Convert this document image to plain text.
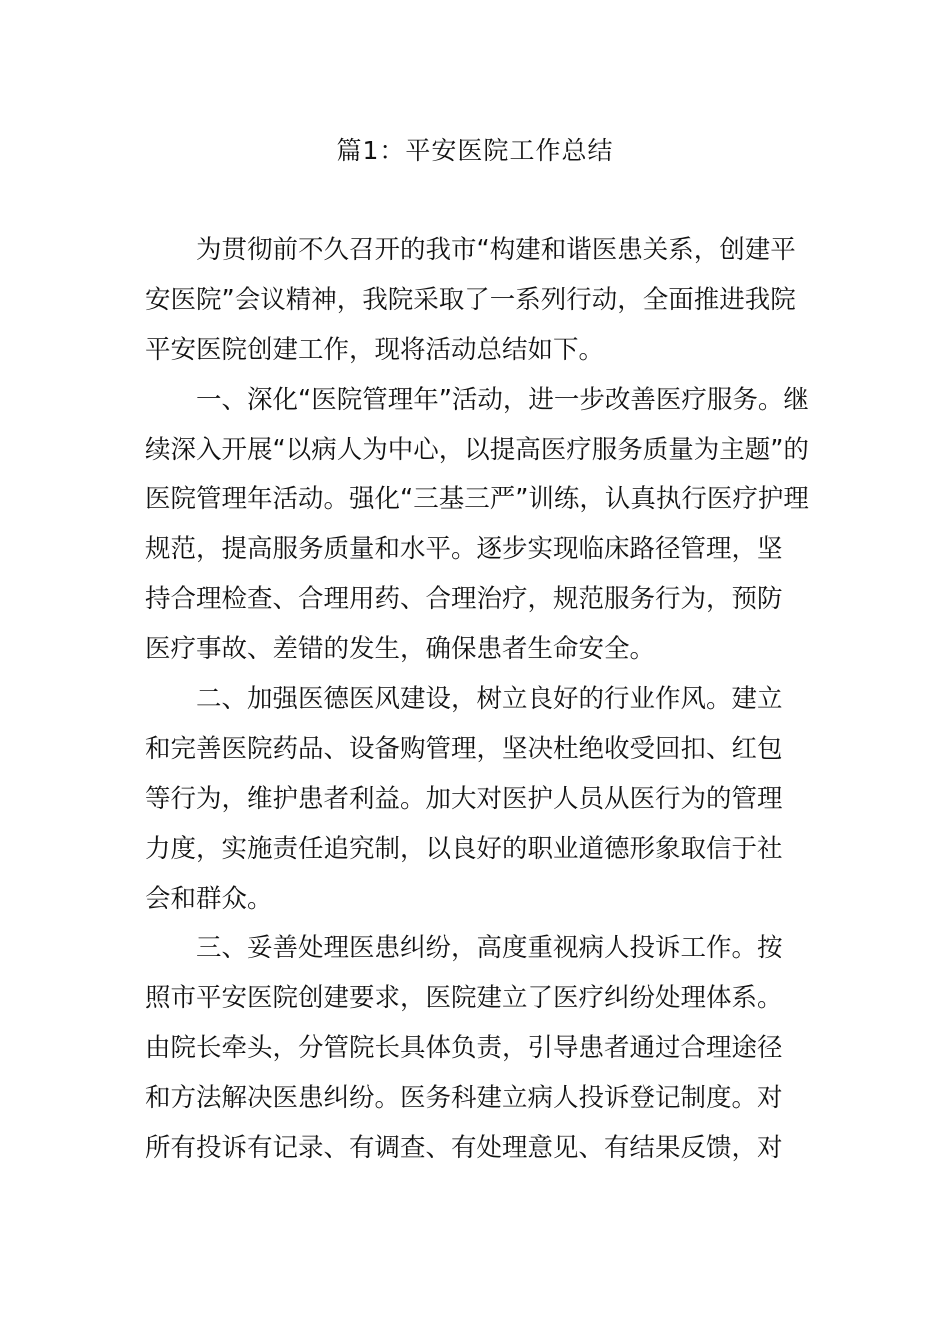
篇1：平安医院工作总结

　　为贯彻前不久召开的我市“构建和谐医患关系，创建平
安医院”会议精神，我院采取了一系列行动，全面推进我院
平安医院创建工作，现将活动总结如下。

　　一、深化“医院管理年”活动，进一步改善医疗服务。继
续深入开展“以病人为中心，以提高医疗服务质量为主题”的
医院管理年活动。强化“三基三严”训练，认真执行医疗护理
规范，提高服务质量和水平。逐步实现临床路径管理，坚
持合理检查、合理用药、合理治疗，规范服务行为，预防
医疗事故、差错的发生，确保患者生命安全。

　　二、加强医德医风建设，树立良好的行业作风。建立
和完善医院药品、设备购管理，坚决杜绝收受回扣、红包
等行为，维护患者利益。加大对医护人员从医行为的管理
力度，实施责任追究制，以良好的职业道德形象取信于社
会和群众。

　　三、妥善处理医患纠纷，高度重视病人投诉工作。按
照市平安医院创建要求，医院建立了医疗纠纷处理体系。
由院长牵头，分管院长具体负责，引导患者通过合理途径
和方法解决医患纠纷。医务科建立病人投诉登记制度。对
所有投诉有记录、有调查、有处理意见、有结果反馈，对
